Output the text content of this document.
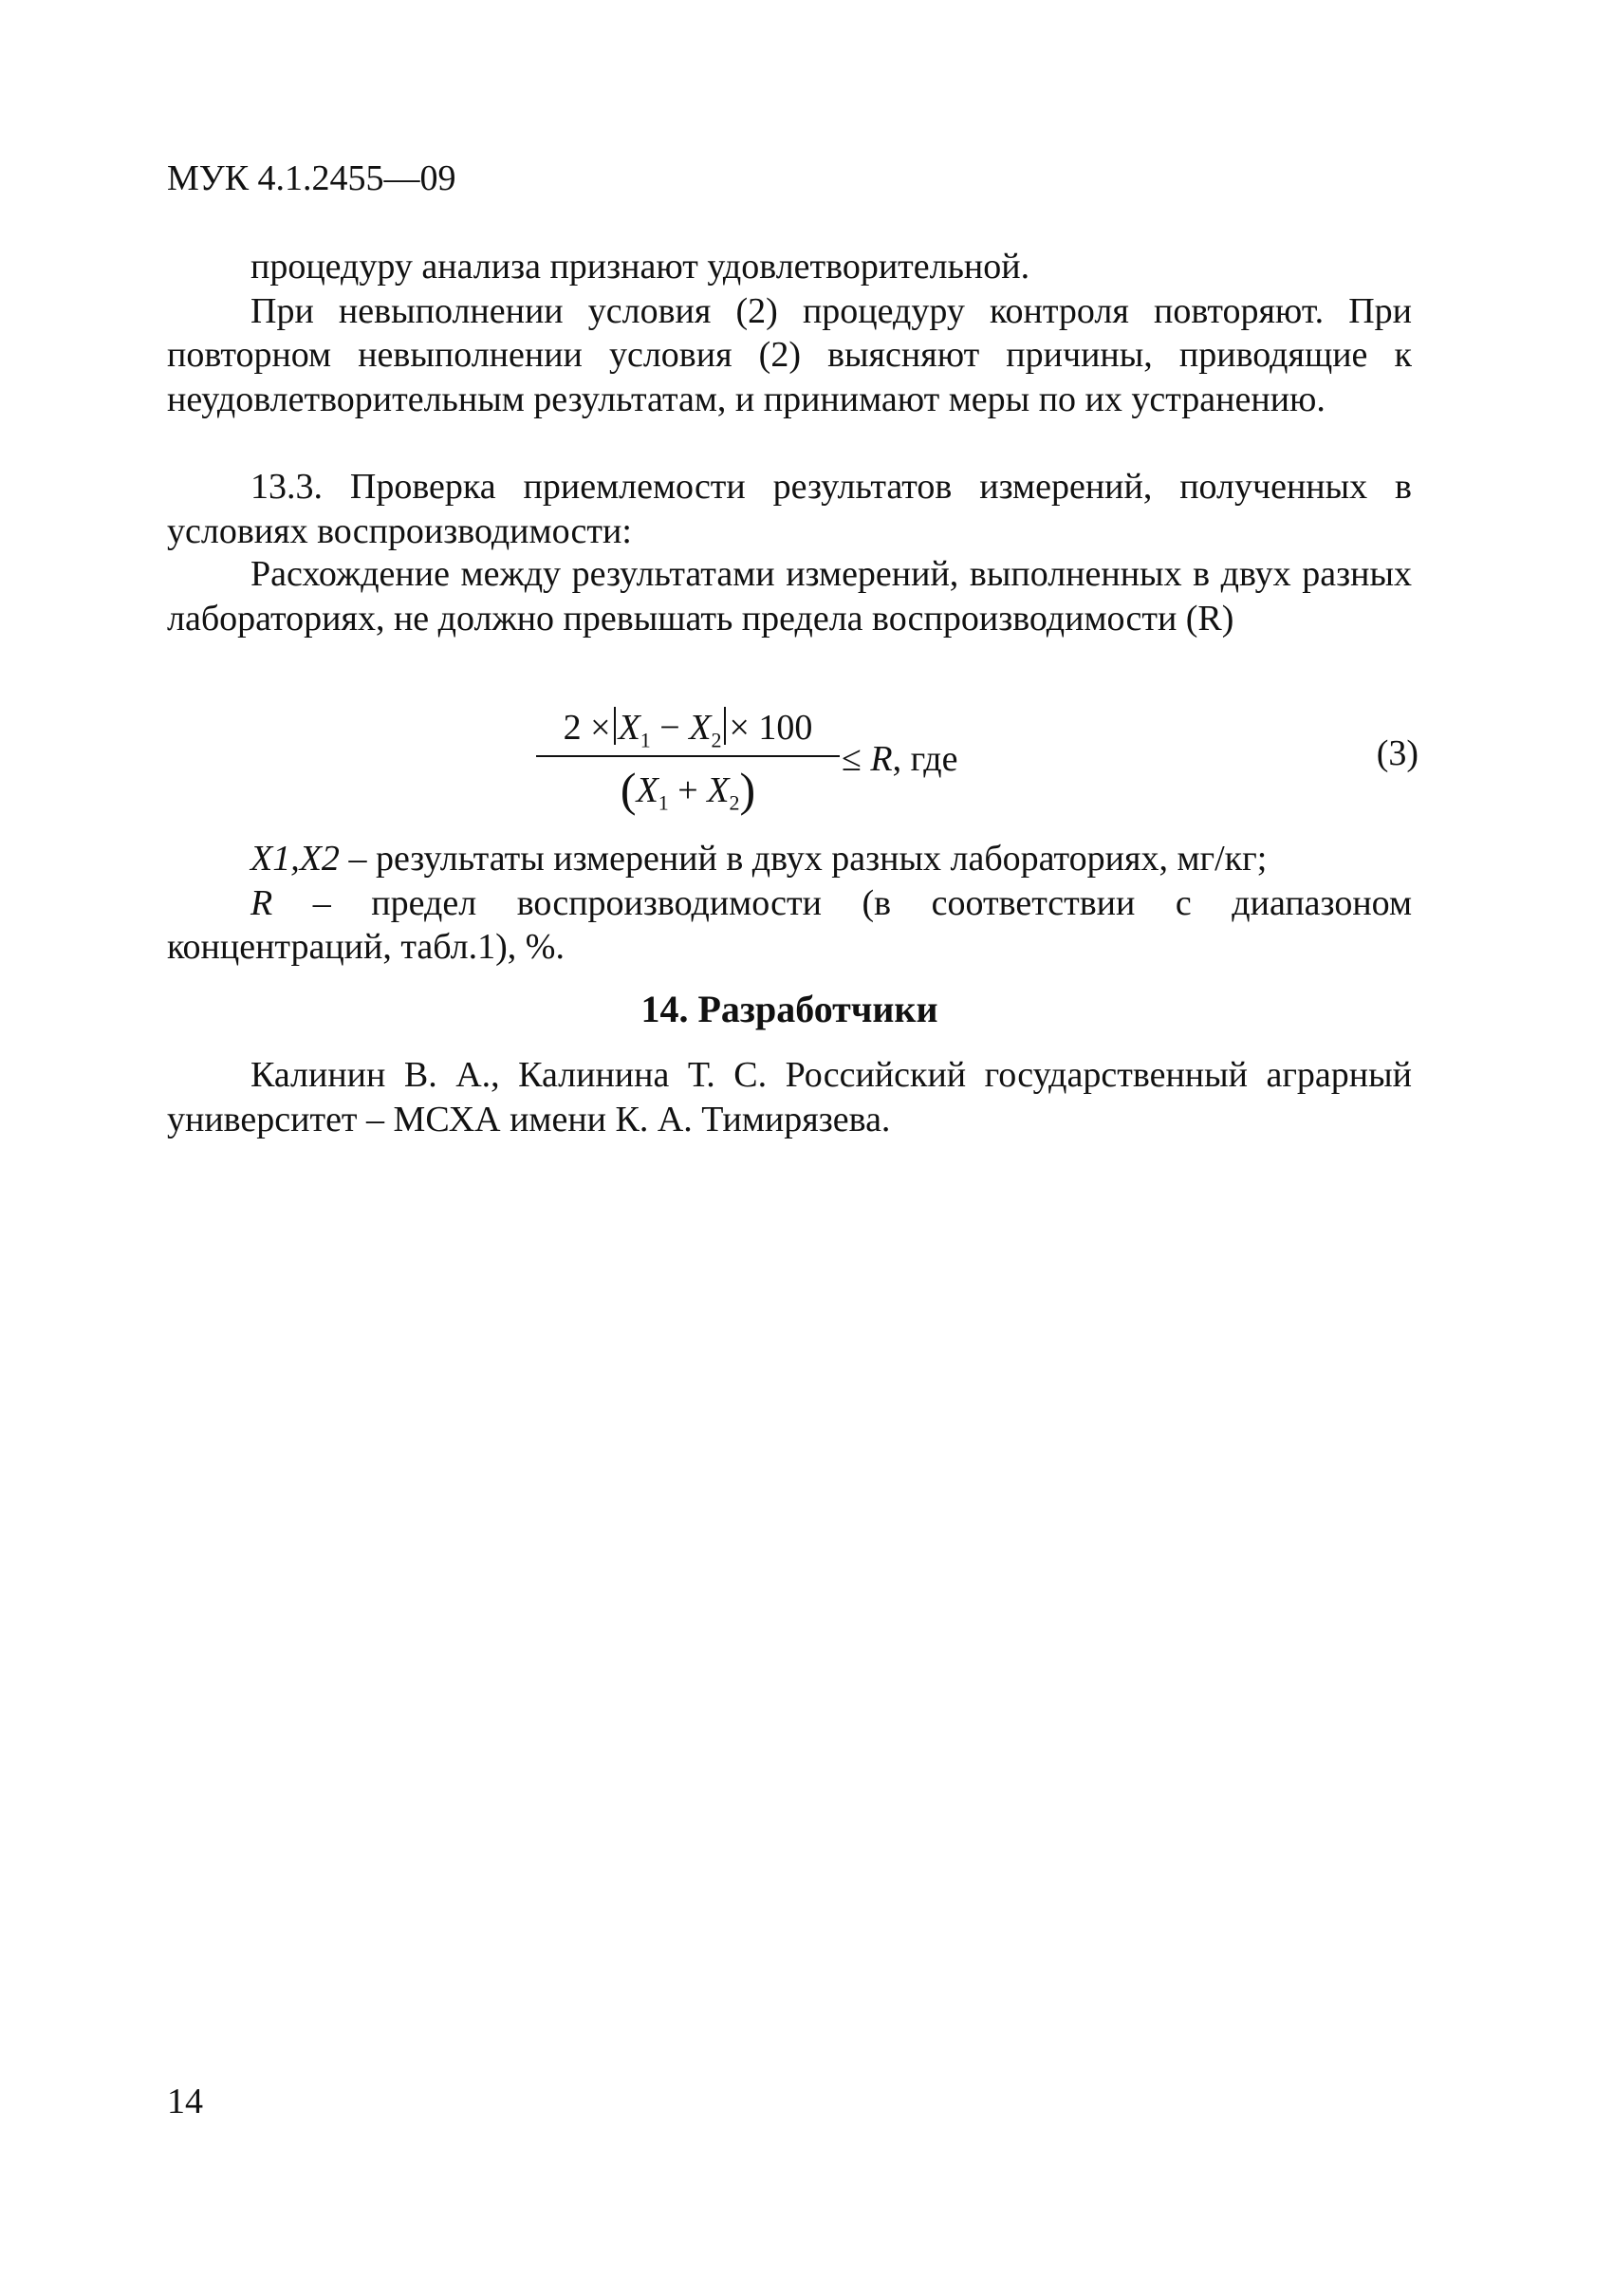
МУК 4.1.2455—09

процедуру анализа признают удовлетворительной.

При невыполнении условия (2) процедуру контроля повторяют. При повторном невыполнении условия (2) выясняют причины, приводящие к неудовлетворительным результатам, и принимают меры по их устранению.

13.3. Проверка приемлемости результатов измерений, полученных в условиях воспроизводимости:

Расхождение между результатами измерений, выполненных в двух разных лабораториях, не должно превышать предела воспроизводимости (R)

$2 \times X_1 - X_2 \times 100$
$(X_1 + X_2)$
≤ R, где	(3)

X1,X2 – результаты измерений в двух разных лабораториях, мг/кг;

R – предел воспроизводимости (в соответствии с диапазоном концентраций, табл.1), %.

14. Разработчики

Калинин В. А., Калинина Т. С. Российский государственный аграрный университет – МСХА имени К. А. Тимирязева.

14
